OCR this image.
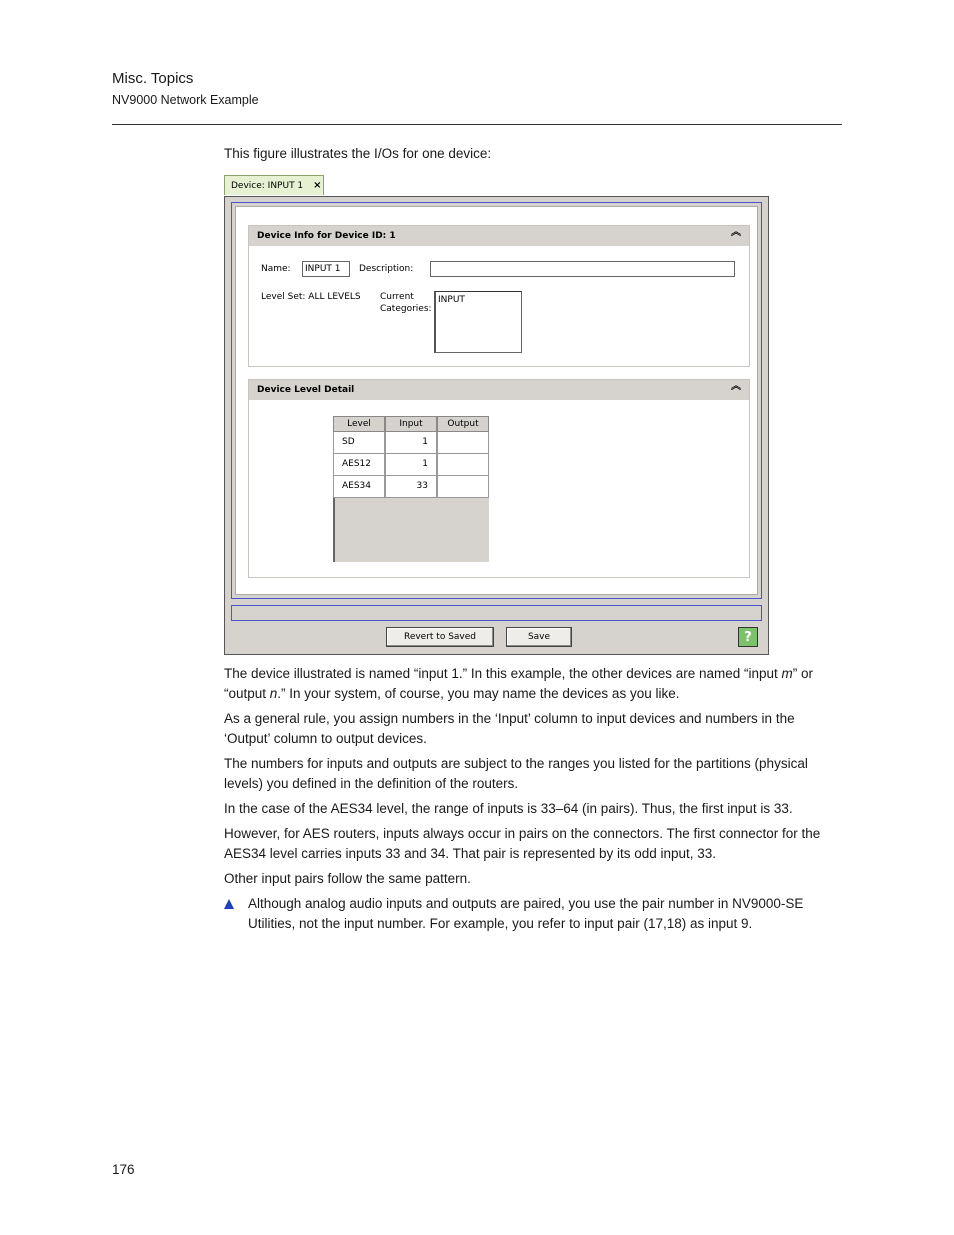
Misc. Topics
NV9000 Network Example
This figure illustrates the I/Os for one device:
Device: INPUT 1 ×
Device Info for Device ID: 1	︽
Name:	INPUT 1	Description:
Level Set: ALL LEVELS Current
Categories:
INPUT
Device Level Detail	︽
Level	Input	Output
SD	1
AES12	1
AES34	33
Revert to Saved	Save	?
The device illustrated is named “input 1.” In this example, the other devices are named “input m” or “output n.” In your system, of course, you may name the devices as you like.
As a general rule, you assign numbers in the ‘Input’ column to input devices and numbers in the ‘Output’ column to output devices.
The numbers for inputs and outputs are subject to the ranges you listed for the partitions (physical levels) you defined in the definition of the routers.
In the case of the AES34 level, the range of inputs is 33–64 (in pairs). Thus, the first input is 33.
However, for AES routers, inputs always occur in pairs on the connectors. The first connector for the AES34 level carries inputs 33 and 34. That pair is represented by its odd input, 33.
Other input pairs follow the same pattern.
Although analog audio inputs and outputs are paired, you use the pair number in NV9000-SE Utilities, not the input number. For example, you refer to input pair (17,18) as input 9.
176
